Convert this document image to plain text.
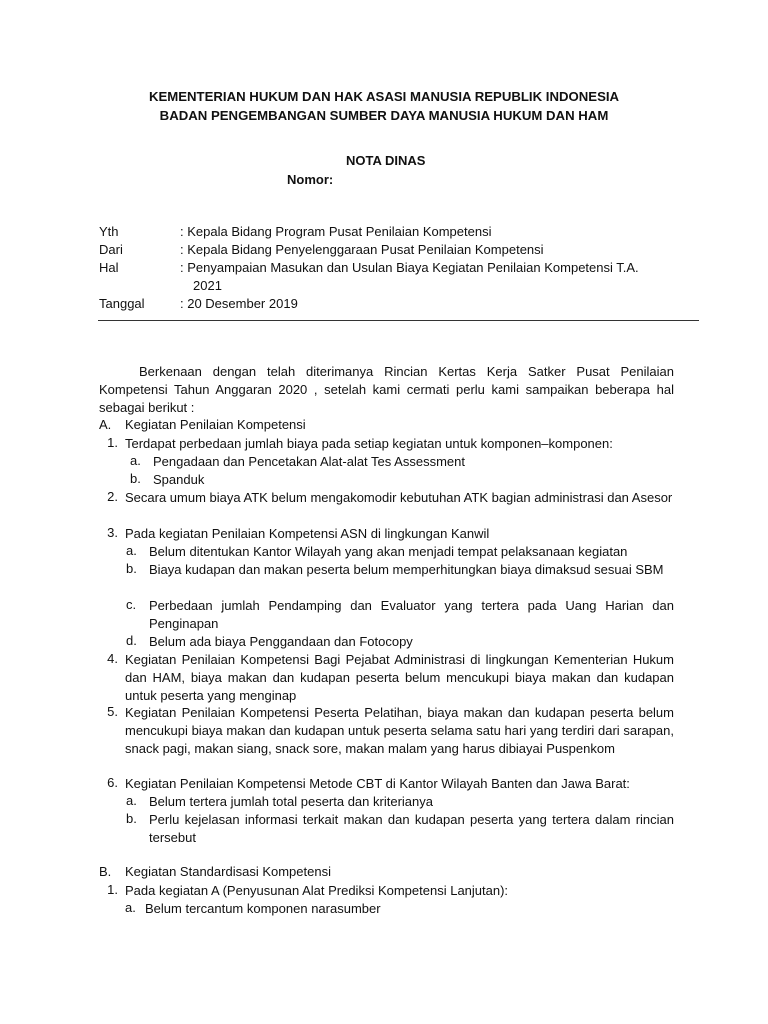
KEMENTERIAN HUKUM DAN HAK ASASI MANUSIA REPUBLIK INDONESIA
BADAN PENGEMBANGAN SUMBER DAYA MANUSIA HUKUM DAN HAM
NOTA DINAS
Nomor:
Yth	: Kepala Bidang Program Pusat Penilaian Kompetensi
Dari	: Kepala Bidang Penyelenggaraan Pusat Penilaian Kompetensi
Hal	: Penyampaian Masukan dan Usulan Biaya Kegiatan Penilaian Kompetensi T.A.
2021
Tanggal	: 20 Desember 2019
Berkenaan dengan telah diterimanya Rincian Kertas Kerja Satker Pusat Penilaian Kompetensi Tahun Anggaran 2020 , setelah kami cermati perlu kami sampaikan beberapa hal sebagai berikut :
A. Kegiatan Penilaian Kompetensi
1. Terdapat perbedaan jumlah biaya pada setiap kegiatan untuk komponen–komponen:
a. Pengadaan dan Pencetakan Alat-alat Tes Assessment
b. Spanduk
2. Secara umum biaya ATK belum mengakomodir kebutuhan ATK bagian administrasi dan Asesor
3. Pada kegiatan Penilaian Kompetensi ASN di lingkungan Kanwil
a. Belum ditentukan Kantor Wilayah yang akan menjadi tempat pelaksanaan kegiatan
b. Biaya kudapan dan makan peserta belum memperhitungkan biaya dimaksud sesuai SBM
c. Perbedaan jumlah Pendamping dan Evaluator yang tertera pada Uang Harian dan Penginapan
d. Belum ada biaya Penggandaan dan Fotocopy
4. Kegiatan Penilaian Kompetensi Bagi Pejabat Administrasi di lingkungan Kementerian Hukum dan HAM, biaya makan dan kudapan peserta belum mencukupi biaya makan dan kudapan untuk peserta yang menginap
5. Kegiatan Penilaian Kompetensi Peserta Pelatihan, biaya makan dan kudapan peserta belum mencukupi biaya makan dan kudapan untuk peserta selama satu hari yang terdiri dari sarapan, snack pagi, makan siang, snack sore, makan malam yang harus dibiayai Puspenkom
6. Kegiatan Penilaian Kompetensi Metode CBT di Kantor Wilayah Banten dan Jawa Barat:
a. Belum tertera jumlah total peserta dan kriterianya
b. Perlu kejelasan informasi terkait makan dan kudapan peserta yang tertera dalam rincian tersebut
B. Kegiatan Standardisasi Kompetensi
1. Pada kegiatan A (Penyusunan Alat Prediksi Kompetensi Lanjutan):
a. Belum tercantum komponen narasumber
